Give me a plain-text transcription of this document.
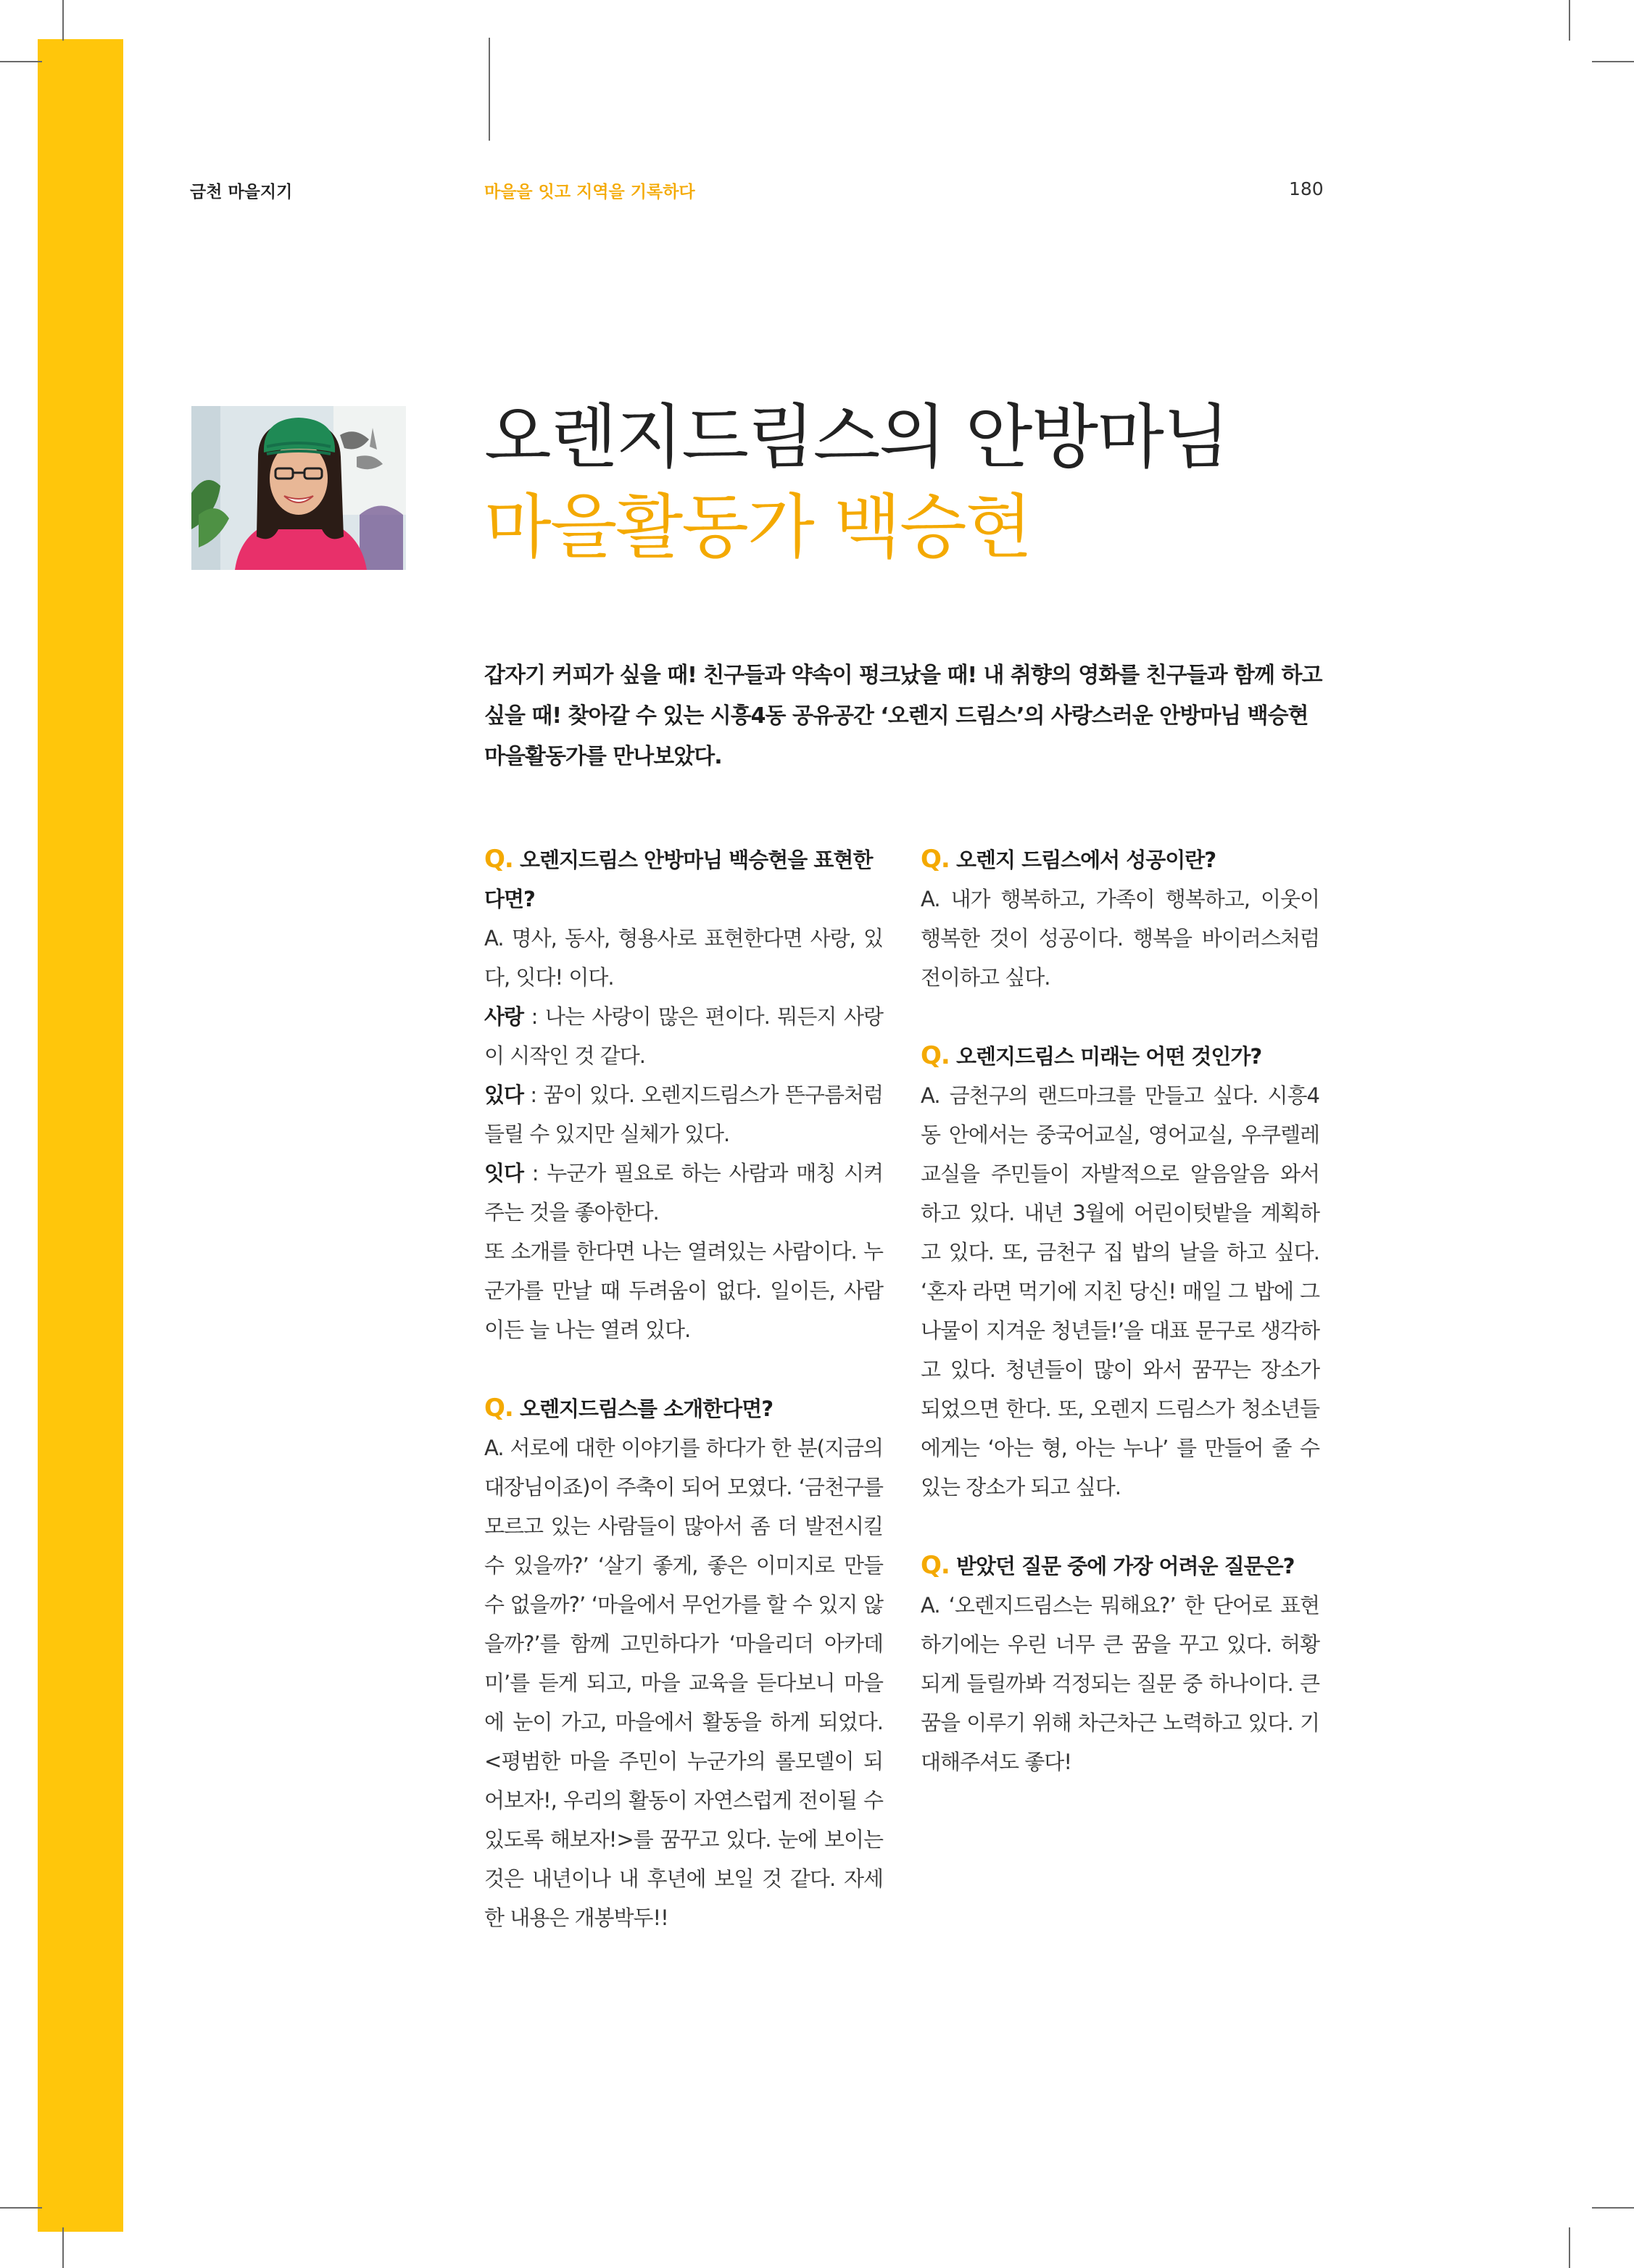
금천 마을지기	마을을 잇고 지역을 기록하다	180
오렌지드림스의 안방마님
마을활동가 백승현

갑자기 커피가 싶을 때! 친구들과 약속이 펑크났을 때! 내 취향의 영화를 친구들과 함께 하고 싶을 때! 찾아갈 수 있는 시흥4동 공유공간 ‘오렌지 드림스’의 사랑스러운 안방마님 백승현 마을활동가를 만나보았다.

Q. 오렌지드림스 안방마님 백승현을 표현한다면?

A. 명사, 동사, 형용사로 표현한다면 사랑, 있다, 잇다! 이다.

사랑 : 나는 사랑이 많은 편이다. 뭐든지 사랑이 시작인 것 같다.

있다 : 꿈이 있다. 오렌지드림스가 뜬구름처럼 들릴 수 있지만 실체가 있다.

잇다 : 누군가 필요로 하는 사람과 매칭 시켜주는 것을 좋아한다.

또 소개를 한다면 나는 열려있는 사람이다. 누군가를 만날 때 두려움이 없다. 일이든, 사람이든 늘 나는 열려 있다.

Q. 오렌지드림스를 소개한다면?

A. 서로에 대한 이야기를 하다가 한 분(지금의 대장님이죠)이 주축이 되어 모였다. ‘금천구를 모르고 있는 사람들이 많아서 좀 더 발전시킬 수 있을까?’ ‘살기 좋게, 좋은 이미지로 만들 수 없을까?’ ‘마을에서 무언가를 할 수 있지 않을까?’를 함께 고민하다가 ‘마을리더 아카데미’를 듣게 되고, 마을 교육을 듣다보니 마을에 눈이 가고, 마을에서 활동을 하게 되었다. <평범한 마을 주민이 누군가의 롤모델이 되어보자!, 우리의 활동이 자연스럽게 전이될 수 있도록 해보자!>를 꿈꾸고 있다. 눈에 보이는 것은 내년이나 내 후년에 보일 것 같다. 자세한 내용은 개봉박두!!

Q. 오렌지 드림스에서 성공이란?

A. 내가 행복하고, 가족이 행복하고, 이웃이 행복한 것이 성공이다. 행복을 바이러스처럼 전이하고 싶다.

Q. 오렌지드림스 미래는 어떤 것인가?

A. 금천구의 랜드마크를 만들고 싶다. 시흥4동 안에서는 중국어교실, 영어교실, 우쿠렐레 교실을 주민들이 자발적으로 알음알음 와서 하고 있다. 내년 3월에 어린이텃밭을 계획하고 있다. 또, 금천구 집 밥의 날을 하고 싶다. ‘혼자 라면 먹기에 지친 당신! 매일 그 밥에 그 나물이 지겨운 청년들!’을 대표 문구로 생각하고 있다. 청년들이 많이 와서 꿈꾸는 장소가 되었으면 한다. 또, 오렌지 드림스가 청소년들에게는 ‘아는 형, 아는 누나’ 를 만들어 줄 수 있는 장소가 되고 싶다.

Q. 받았던 질문 중에 가장 어려운 질문은?

A. ‘오렌지드림스는 뭐해요?’ 한 단어로 표현하기에는 우린 너무 큰 꿈을 꾸고 있다. 허황되게 들릴까봐 걱정되는 질문 중 하나이다. 큰 꿈을 이루기 위해 차근차근 노력하고 있다. 기대해주셔도 좋다!
